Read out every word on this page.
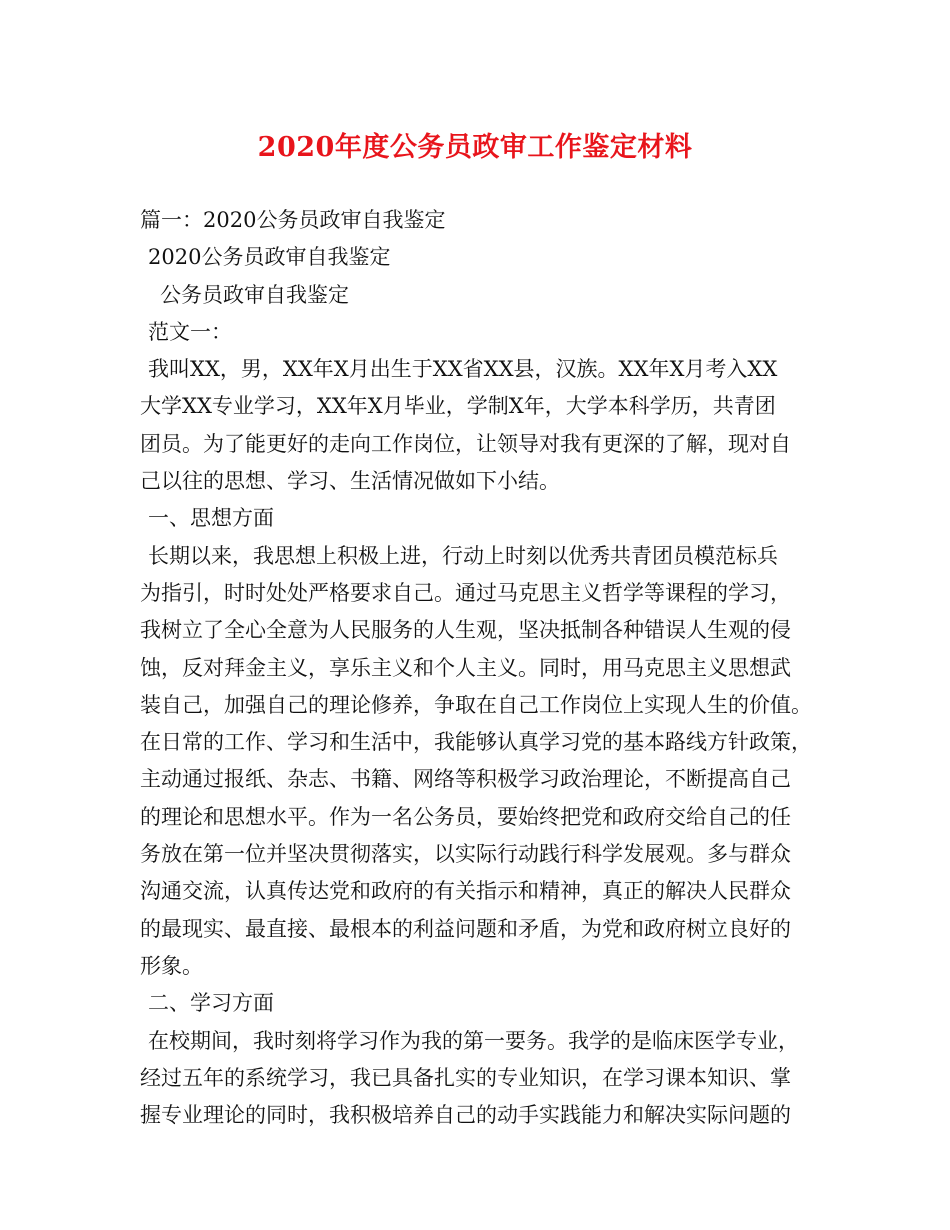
2020年度公务员政审工作鉴定材料
篇一：2020公务员政审自我鉴定
2020公务员政审自我鉴定
公务员政审自我鉴定
范文一：
我叫XX，男，XX年X月出生于XX省XX县，汉族。XX年X月考入XX
大学XX专业学习，XX年X月毕业，学制X年，大学本科学历，共青团
团员。为了能更好的走向工作岗位，让领导对我有更深的了解，现对自
己以往的思想、学习、生活情况做如下小结。
一、思想方面
长期以来，我思想上积极上进，行动上时刻以优秀共青团员模范标兵
为指引，时时处处严格要求自己。通过马克思主义哲学等课程的学习，
我树立了全心全意为人民服务的人生观，坚决抵制各种错误人生观的侵
蚀，反对拜金主义，享乐主义和个人主义。同时，用马克思主义思想武
装自己，加强自己的理论修养，争取在自己工作岗位上实现人生的价值。
在日常的工作、学习和生活中，我能够认真学习党的基本路线方针政策，
主动通过报纸、杂志、书籍、网络等积极学习政治理论，不断提高自己
的理论和思想水平。作为一名公务员，要始终把党和政府交给自己的任
务放在第一位并坚决贯彻落实，以实际行动践行科学发展观。多与群众
沟通交流，认真传达党和政府的有关指示和精神，真正的解决人民群众
的最现实、最直接、最根本的利益问题和矛盾，为党和政府树立良好的
形象。
二、学习方面
在校期间，我时刻将学习作为我的第一要务。我学的是临床医学专业，
经过五年的系统学习，我已具备扎实的专业知识，在学习课本知识、掌
握专业理论的同时，我积极培养自己的动手实践能力和解决实际问题的
